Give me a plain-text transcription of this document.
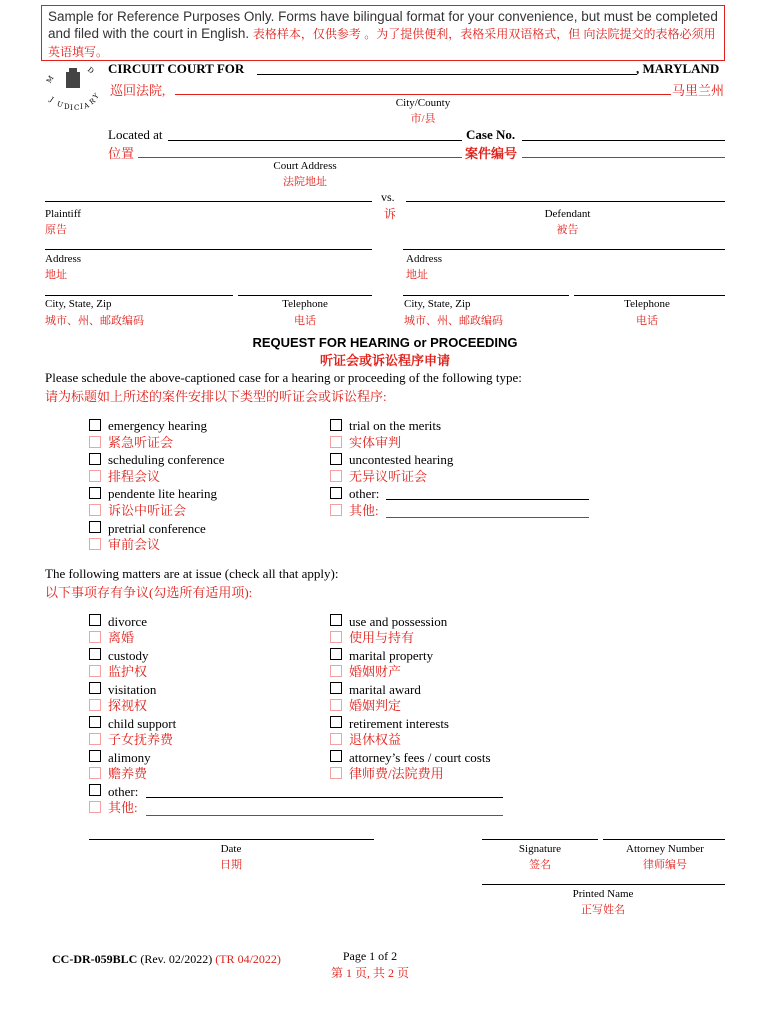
Sample for Reference Purposes Only. Forms have bilingual format for your convenience, but must be completed and filed with the court in English. 表格样本，仅供参考 。为了提供便利，表格采用双语格式，但 向法院提交的表格必须用英语填写。
M
D
J
U D I C I A
R
Y
CIRCUIT COURT FOR	, MARYLAND
巡回法院,	马里兰州
City/County
市/县
Located at	Case No.
位置	案件编号
Court Address
法院地址
vs.
诉
Plaintiff
原告
Defendant
被告
Address
地址
Address
地址
City, State, Zip
城市、州、邮政编码
Telephone
电话
City, State, Zip
城市、州、邮政编码
Telephone
电话
REQUEST FOR HEARING or PROCEEDING
听证会或诉讼程序申请
Please schedule the above-captioned case for a hearing or proceeding of the following type:
请为标题如上所述的案件安排以下类型的听证会或诉讼程序:
emergency hearing
紧急听证会
scheduling conference
排程会议
pendente lite hearing
诉讼中听证会
pretrial conference
审前会议
trial on the merits
实体审判
uncontested hearing
无异议听证会
other:
其他:
The following matters are at issue (check all that apply):
以下事项存有争议(勾选所有适用项):
divorce
离婚
custody
监护权
visitation
探视权
child support
子女抚养费
alimony
赡养费
other:
其他:
use and possession
使用与持有
marital property
婚姻财产
marital award
婚姻判定
retirement interests
退休权益
attorney’s fees / court costs
律师费/法院费用
Date
日期
Signature
签名
Attorney Number
律师编号
Printed Name
正写姓名
CC-DR-059BLC (Rev. 02/2022) (TR 04/2022)	Page 1 of 2
第 1 页, 共 2 页
